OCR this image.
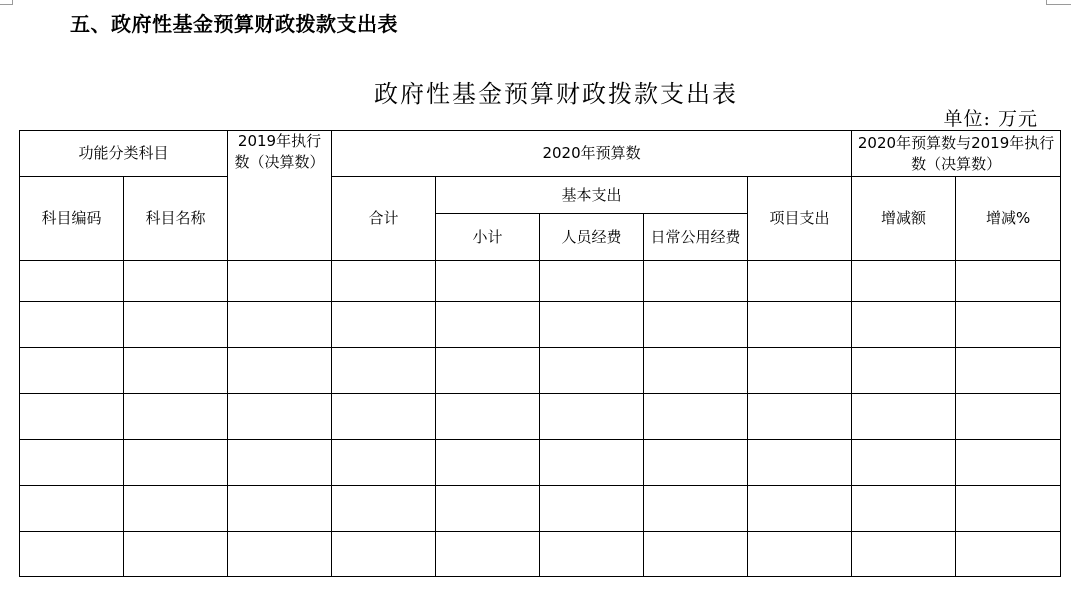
五、政府性基金预算财政拨款支出表
政府性基金预算财政拨款支出表
单位: 万元
功能分类科目		2019年执行数（决算数）	2020年预算数					2020年预算数与2019年执行数（决算数）	
科目编码	科目名称		合计	基本支出			项目支出	增减额	增减%
				小计	人员经费	日常公用经费			
